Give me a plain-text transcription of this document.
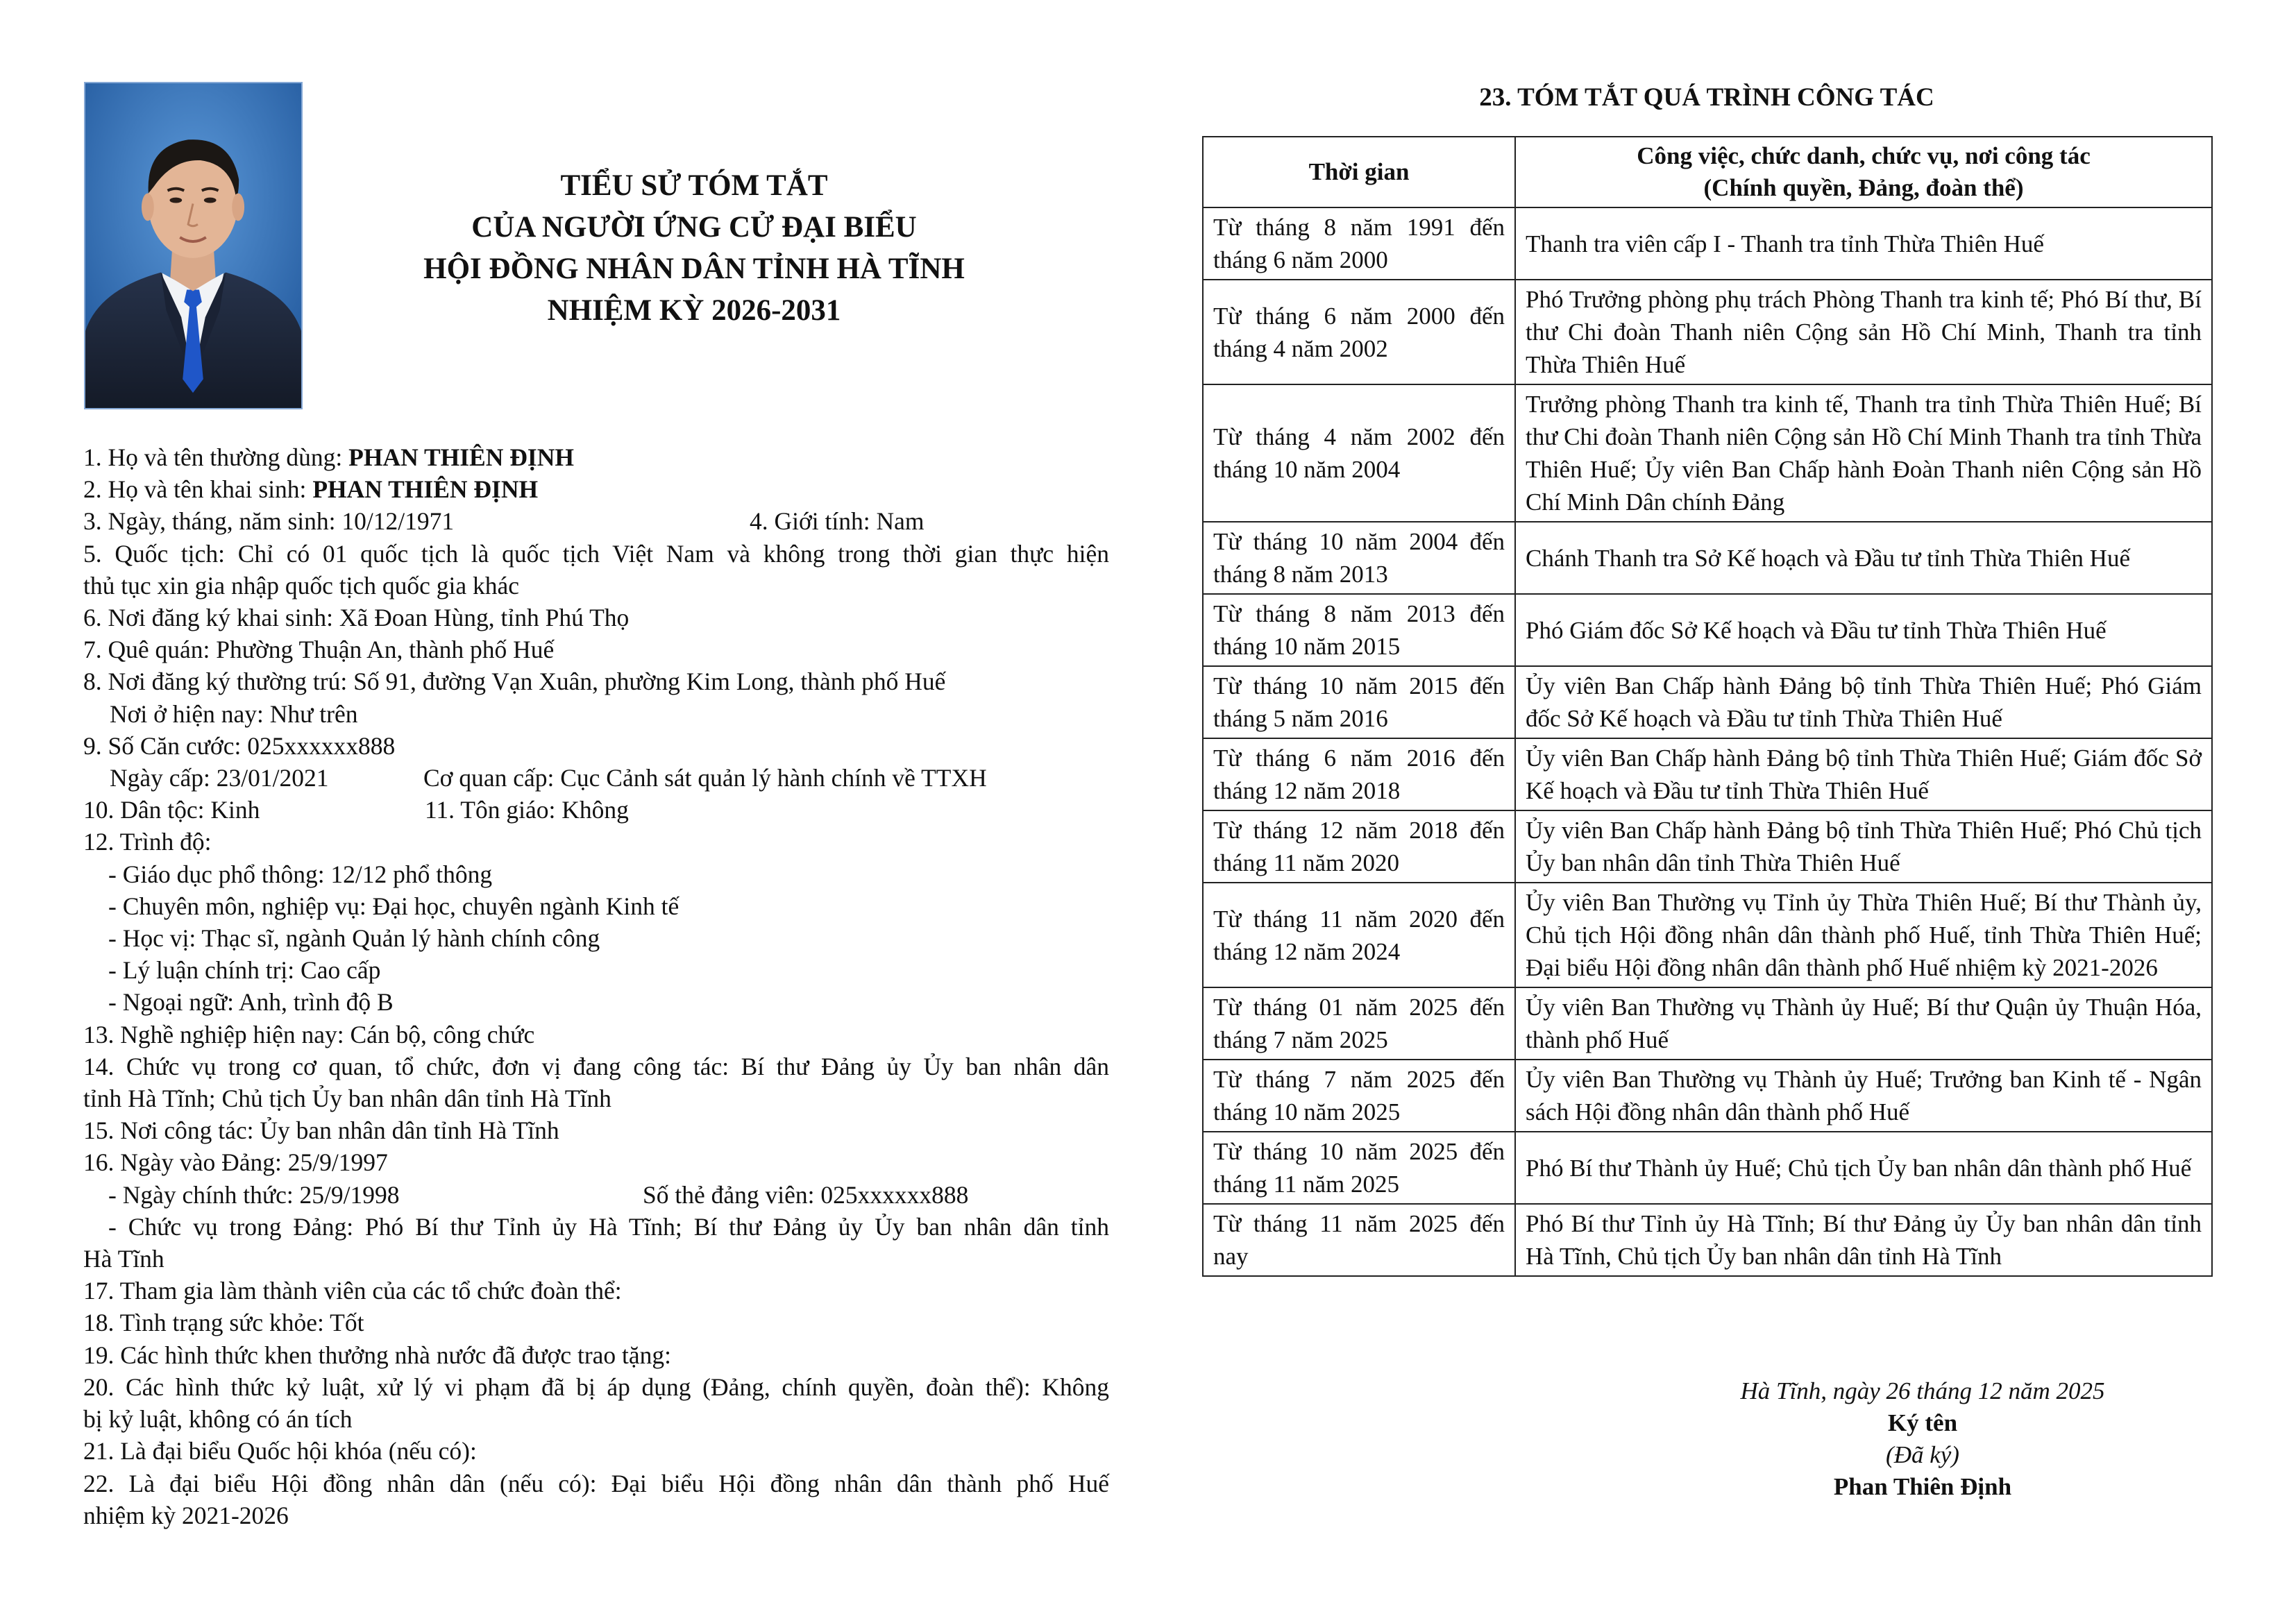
TIỂU SỬ TÓM TẮT
CỦA NGƯỜI ỨNG CỬ ĐẠI BIỂU
HỘI ĐỒNG NHÂN DÂN TỈNH HÀ TĨNH
NHIỆM KỲ 2026-2031
1. Họ và tên thường dùng: PHAN THIÊN ĐỊNH
2. Họ và tên khai sinh: PHAN THIÊN ĐỊNH
3. Ngày, tháng, năm sinh: 10/12/1971	4. Giới tính: Nam
5. Quốc tịch: Chỉ có 01 quốc tịch là quốc tịch Việt Nam và không trong thời gian thực hiện
thủ tục xin gia nhập quốc tịch quốc gia khác
6. Nơi đăng ký khai sinh: Xã Đoan Hùng, tỉnh Phú Thọ
7. Quê quán: Phường Thuận An, thành phố Huế
8. Nơi đăng ký thường trú: Số 91, đường Vạn Xuân, phường Kim Long, thành phố Huế
Nơi ở hiện nay: Như trên
9. Số Căn cước: 025xxxxxx888
Ngày cấp: 23/01/2021	Cơ quan cấp: Cục Cảnh sát quản lý hành chính về TTXH
10. Dân tộc: Kinh	11. Tôn giáo: Không
12. Trình độ:
- Giáo dục phổ thông: 12/12 phổ thông
- Chuyên môn, nghiệp vụ: Đại học, chuyên ngành Kinh tế
- Học vị: Thạc sĩ, ngành Quản lý hành chính công
- Lý luận chính trị: Cao cấp
- Ngoại ngữ: Anh, trình độ B
13. Nghề nghiệp hiện nay: Cán bộ, công chức
14. Chức vụ trong cơ quan, tổ chức, đơn vị đang công tác: Bí thư Đảng ủy Ủy ban nhân dân
tỉnh Hà Tĩnh; Chủ tịch Ủy ban nhân dân tỉnh Hà Tĩnh
15. Nơi công tác: Ủy ban nhân dân tỉnh Hà Tĩnh
16. Ngày vào Đảng: 25/9/1997
- Ngày chính thức: 25/9/1998	Số thẻ đảng viên: 025xxxxxx888
- Chức vụ trong Đảng: Phó Bí thư Tỉnh ủy Hà Tĩnh; Bí thư Đảng ủy Ủy ban nhân dân tỉnh
Hà Tĩnh
17. Tham gia làm thành viên của các tổ chức đoàn thể:
18. Tình trạng sức khỏe: Tốt
19. Các hình thức khen thưởng nhà nước đã được trao tặng:
20. Các hình thức kỷ luật, xử lý vi phạm đã bị áp dụng (Đảng, chính quyền, đoàn thể): Không
bị kỷ luật, không có án tích
21. Là đại biểu Quốc hội khóa (nếu có):
22. Là đại biểu Hội đồng nhân dân (nếu có): Đại biểu Hội đồng nhân dân thành phố Huế
nhiệm kỳ 2021-2026
23. TÓM TẮT QUÁ TRÌNH CÔNG TÁC
Thời gian	Công việc, chức danh, chức vụ, nơi công tác
(Chính quyền, Đảng, đoàn thể)

Từ tháng 8 năm 1991 đến tháng 6 năm 2000	Thanh tra viên cấp I - Thanh tra tỉnh Thừa Thiên Huế
Từ tháng 6 năm 2000 đến tháng 4 năm 2002	Phó Trưởng phòng phụ trách Phòng Thanh tra kinh tế; Phó Bí thư, Bí thư Chi đoàn Thanh niên Cộng sản Hồ Chí Minh, Thanh tra tỉnh Thừa Thiên Huế
Từ tháng 4 năm 2002 đến tháng 10 năm 2004	Trưởng phòng Thanh tra kinh tế, Thanh tra tỉnh Thừa Thiên Huế; Bí thư Chi đoàn Thanh niên Cộng sản Hồ Chí Minh Thanh tra tỉnh Thừa Thiên Huế; Ủy viên Ban Chấp hành Đoàn Thanh niên Cộng sản Hồ Chí Minh Dân chính Đảng
Từ tháng 10 năm 2004 đến tháng 8 năm 2013	Chánh Thanh tra Sở Kế hoạch và Đầu tư tỉnh Thừa Thiên Huế
Từ tháng 8 năm 2013 đến tháng 10 năm 2015	Phó Giám đốc Sở Kế hoạch và Đầu tư tỉnh Thừa Thiên Huế
Từ tháng 10 năm 2015 đến tháng 5 năm 2016	Ủy viên Ban Chấp hành Đảng bộ tỉnh Thừa Thiên Huế; Phó Giám đốc Sở Kế hoạch và Đầu tư tỉnh Thừa Thiên Huế
Từ tháng 6 năm 2016 đến tháng 12 năm 2018	Ủy viên Ban Chấp hành Đảng bộ tỉnh Thừa Thiên Huế; Giám đốc Sở Kế hoạch và Đầu tư tỉnh Thừa Thiên Huế
Từ tháng 12 năm 2018 đến tháng 11 năm 2020	Ủy viên Ban Chấp hành Đảng bộ tỉnh Thừa Thiên Huế; Phó Chủ tịch Ủy ban nhân dân tỉnh Thừa Thiên Huế
Từ tháng 11 năm 2020 đến tháng 12 năm 2024	Ủy viên Ban Thường vụ Tỉnh ủy Thừa Thiên Huế; Bí thư Thành ủy, Chủ tịch Hội đồng nhân dân thành phố Huế, tỉnh Thừa Thiên Huế; Đại biểu Hội đồng nhân dân thành phố Huế nhiệm kỳ 2021-2026
Từ tháng 01 năm 2025 đến tháng 7 năm 2025	Ủy viên Ban Thường vụ Thành ủy Huế; Bí thư Quận ủy Thuận Hóa, thành phố Huế
Từ tháng 7 năm 2025 đến tháng 10 năm 2025	Ủy viên Ban Thường vụ Thành ủy Huế; Trưởng ban Kinh tế - Ngân sách Hội đồng nhân dân thành phố Huế
Từ tháng 10 năm 2025 đến tháng 11 năm 2025	Phó Bí thư Thành ủy Huế; Chủ tịch Ủy ban nhân dân thành phố Huế
Từ tháng 11 năm 2025 đến nay	Phó Bí thư Tỉnh ủy Hà Tĩnh; Bí thư Đảng ủy Ủy ban nhân dân tỉnh Hà Tĩnh, Chủ tịch Ủy ban nhân dân tỉnh Hà Tĩnh
Hà Tĩnh, ngày 26 tháng 12 năm 2025
Ký tên
(Đã ký)
Phan Thiên Định
